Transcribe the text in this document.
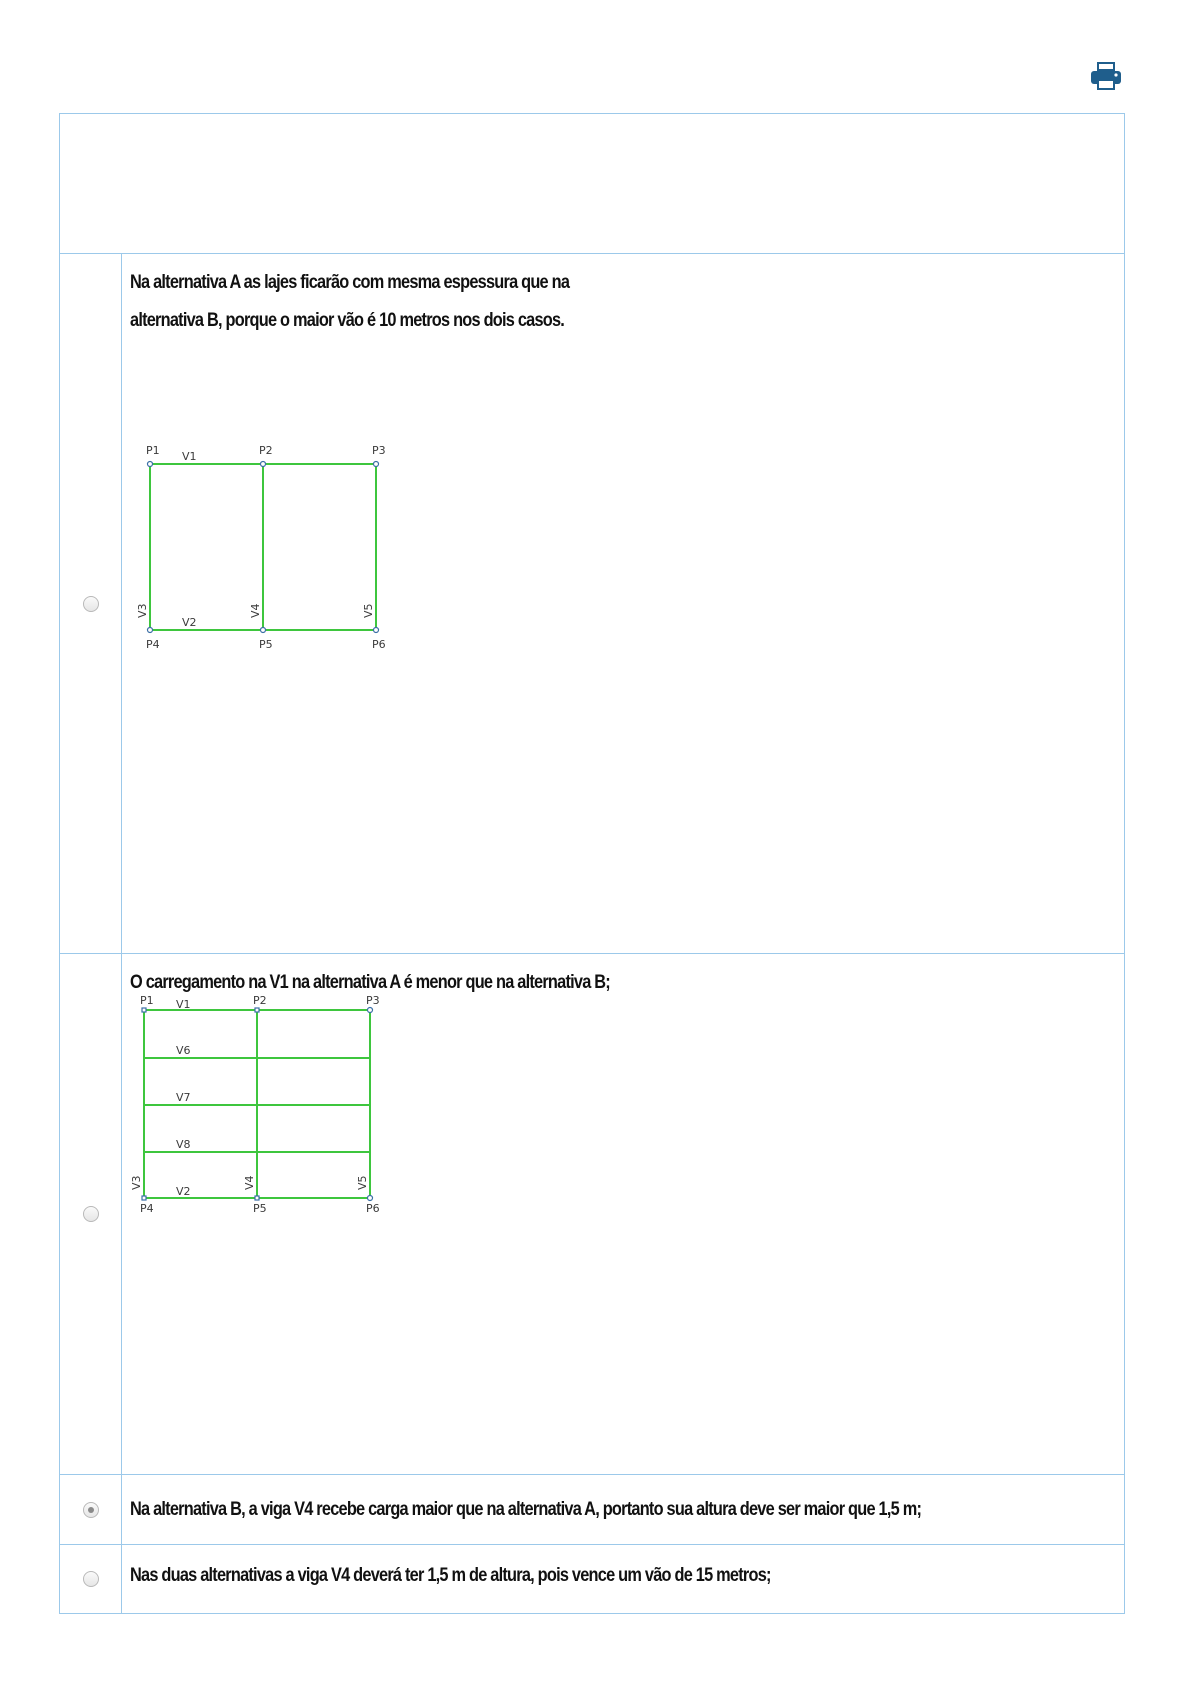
Na alternativa A as lajes ficarão com mesma espessura que na alternativa B, porque o maior vão é 10 metros nos dois casos.

P1	P2	P3
P4	P5	P6
V1
V2
V3	V4	V5

O carregamento na V1 na alternativa A é menor que na alternativa B;

P1	P2	P3
P4	P5	P6
V1
V2
V3	V4	V5
V6
V7
V8

Na alternativa B, a viga V4 recebe carga maior que na alternativa A, portanto sua altura deve ser maior que 1,5 m;

Nas duas alternativas a viga V4 deverá ter 1,5 m de altura, pois vence um vão de 15 metros;
